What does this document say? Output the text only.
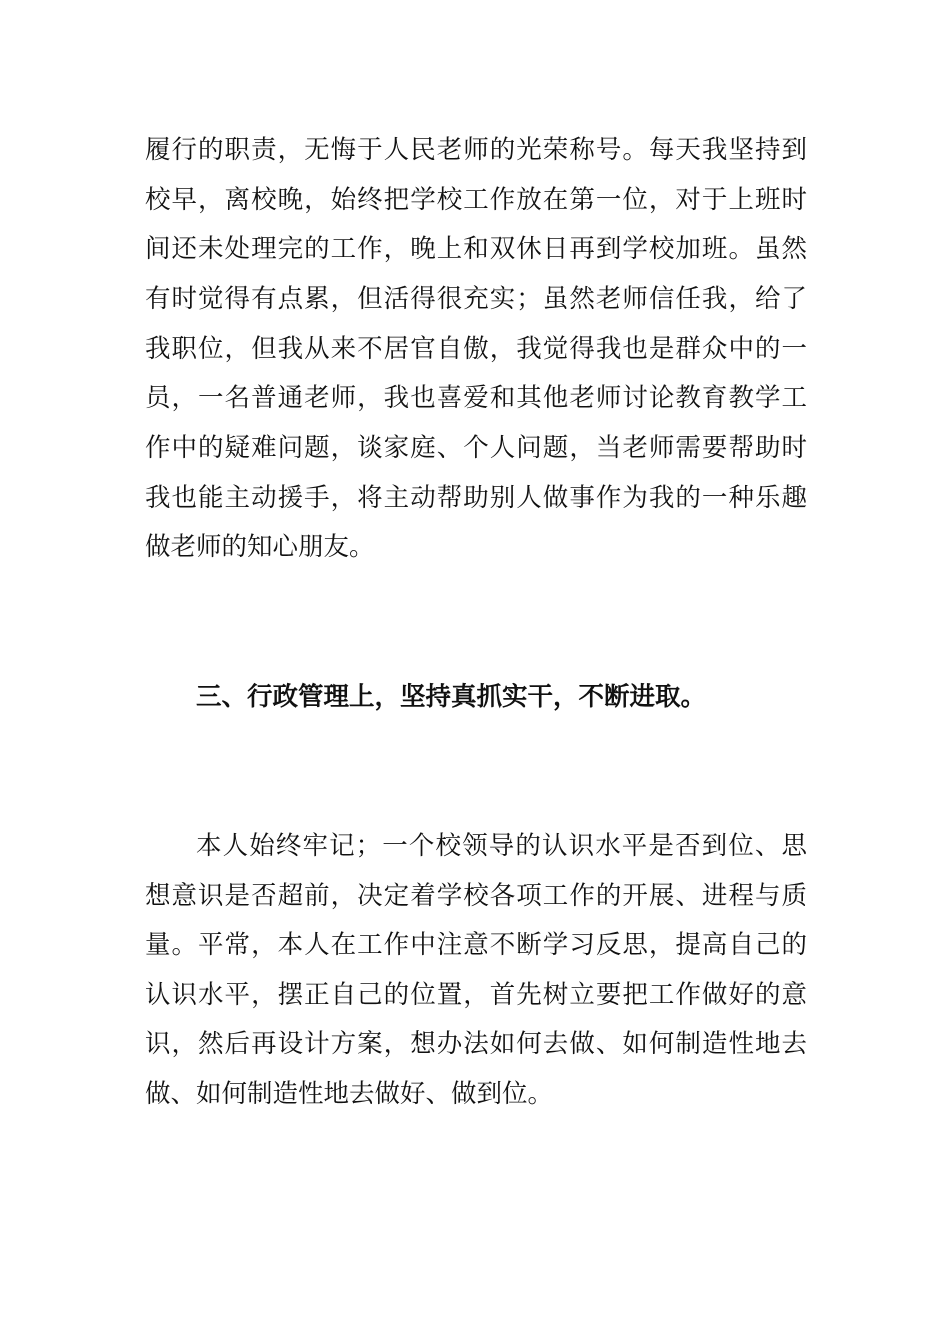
履行的职责，无悔于人民老师的光荣称号。每天我坚持到

校早，离校晚，始终把学校工作放在第一位，对于上班时

间还未处理完的工作，晚上和双休日再到学校加班。虽然

有时觉得有点累，但活得很充实；虽然老师信任我，给了

我职位，但我从来不居官自傲，我觉得我也是群众中的一

员，一名普通老师，我也喜爱和其他老师讨论教育教学工

作中的疑难问题，谈家庭、个人问题，当老师需要帮助时

我也能主动援手，将主动帮助别人做事作为我的一种乐趣

做老师的知心朋友。

三、行政管理上，坚持真抓实干，不断进取。

本人始终牢记；一个校领导的认识水平是否到位、思

想意识是否超前，决定着学校各项工作的开展、进程与质

量。平常，本人在工作中注意不断学习反思，提高自己的

认识水平，摆正自己的位置，首先树立要把工作做好的意

识，然后再设计方案，想办法如何去做、如何制造性地去

做、如何制造性地去做好、做到位。
